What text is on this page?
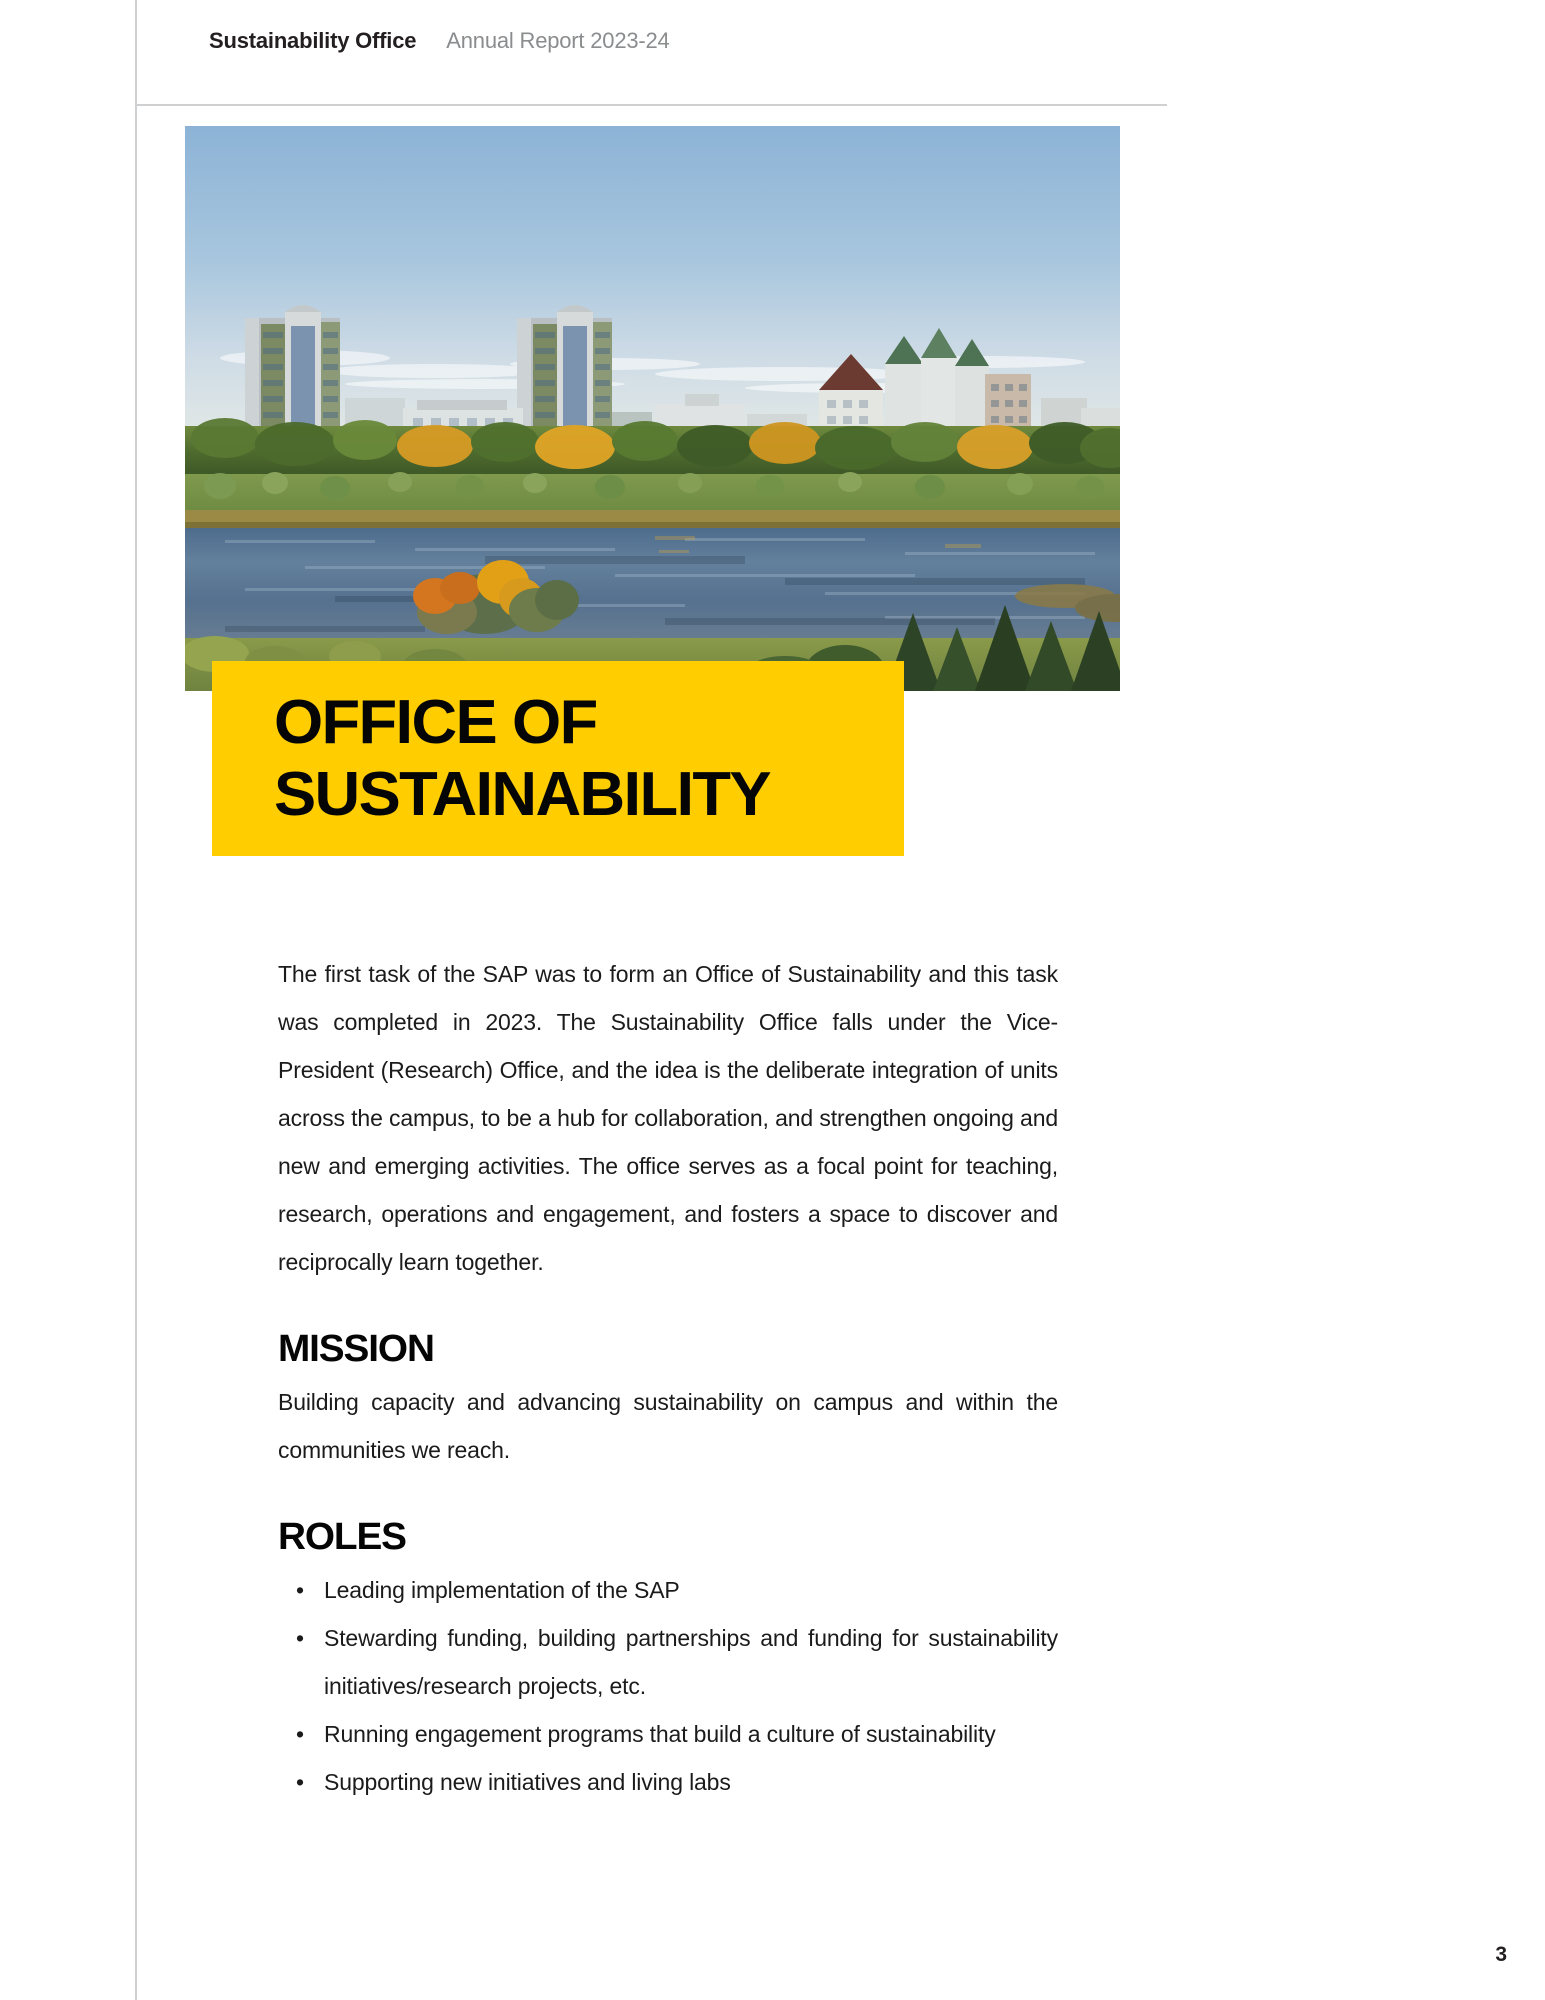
Sustainability Office Annual Report 2023-24
OFFICE OF
SUSTAINABILITY

The first task of the SAP was to form an Office of Sustainability and this task was completed in 2023. The Sustainability Office falls under the Vice-President (Research) Office, and the idea is the deliberate integration of units across the campus, to be a hub for collaboration, and strengthen ongoing and new and emerging activities. The office serves as a focal point for teaching, research, operations and engagement, and fosters a space to discover and reciprocally learn together.

MISSION

Building capacity and advancing sustainability on campus and within the communities we reach.

ROLES
• Leading implementation of the SAP
• Stewarding funding, building partnerships and funding for sustainability initiatives/research projects, etc.
• Running engagement programs that build a culture of sustainability
• Supporting new initiatives and living labs
3
